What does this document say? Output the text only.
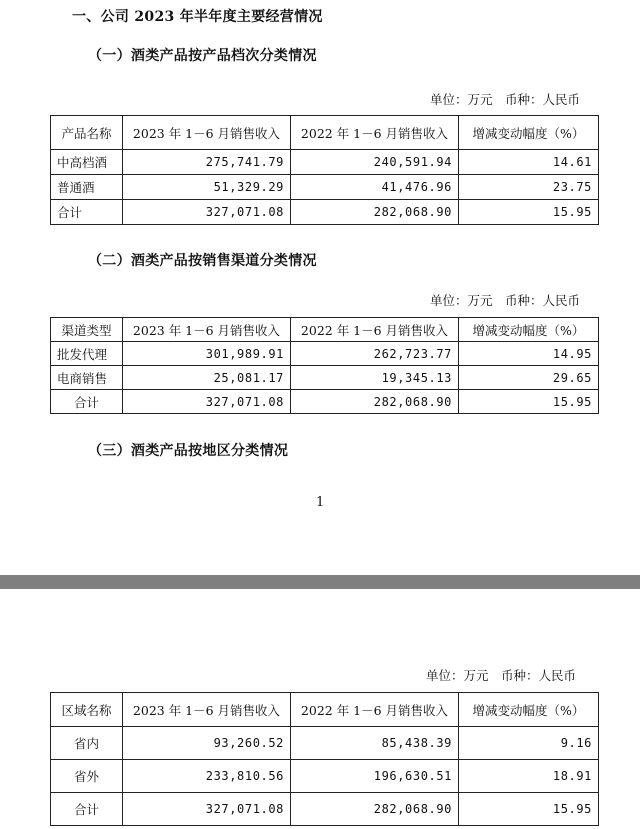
一、公司 2023 年半年度主要经营情况
（一）酒类产品按产品档次分类情况
单位：万元　币种：人民币
产品名称	2023 年 1－6 月销售收入	2022 年 1－6 月销售收入	增减变动幅度（%）
中高档酒	275,741.79	240,591.94	14.61
普通酒	51,329.29	41,476.96	23.75
合计	327,071.08	282,068.90	15.95
（二）酒类产品按销售渠道分类情况
单位：万元　币种：人民币
渠道类型	2023 年 1－6 月销售收入	2022 年 1－6 月销售收入	增减变动幅度（%）
批发代理	301,989.91	262,723.77	14.95
电商销售	25,081.17	19,345.13	29.65
合计	327,071.08	282,068.90	15.95
（三）酒类产品按地区分类情况
1
单位：万元　币种：人民币
区域名称	2023 年 1－6 月销售收入	2022 年 1－6 月销售收入	增减变动幅度（%）
省内	93,260.52	85,438.39	9.16
省外	233,810.56	196,630.51	18.91
合计	327,071.08	282,068.90	15.95
